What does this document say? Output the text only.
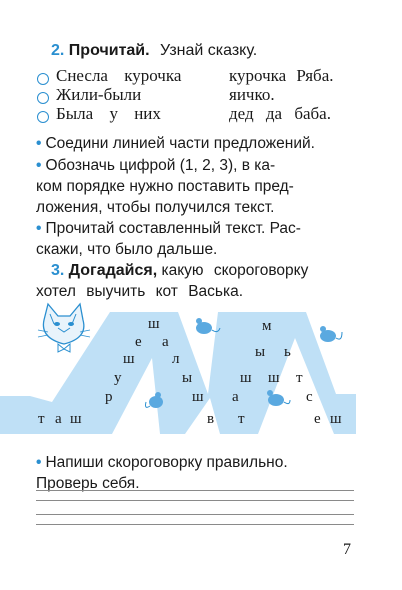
2. Прочитай. Узнай сказку.
Снесла курочка
Жили-были
Была у них
курочка Ряба.
яичко.
дед да баба.
• Соедини линией части предложений.

• Обозначь цифрой (1, 2, 3), в ка-

ком порядке нужно поставить пред-

ложения, чтобы получился текст.

• Прочитай составленный текст. Рас-

скажи, что было дальше.

3. Догадайся, какую скороговорку

хотел выучить кот Васька.

т а ш
р
у
ш
е
ш
а
л
ы
ш
в
а
т
ш ш
ы
м
ь
т
с
е ш

• Напиши скороговорку правильно.

Проверь себя.

7
